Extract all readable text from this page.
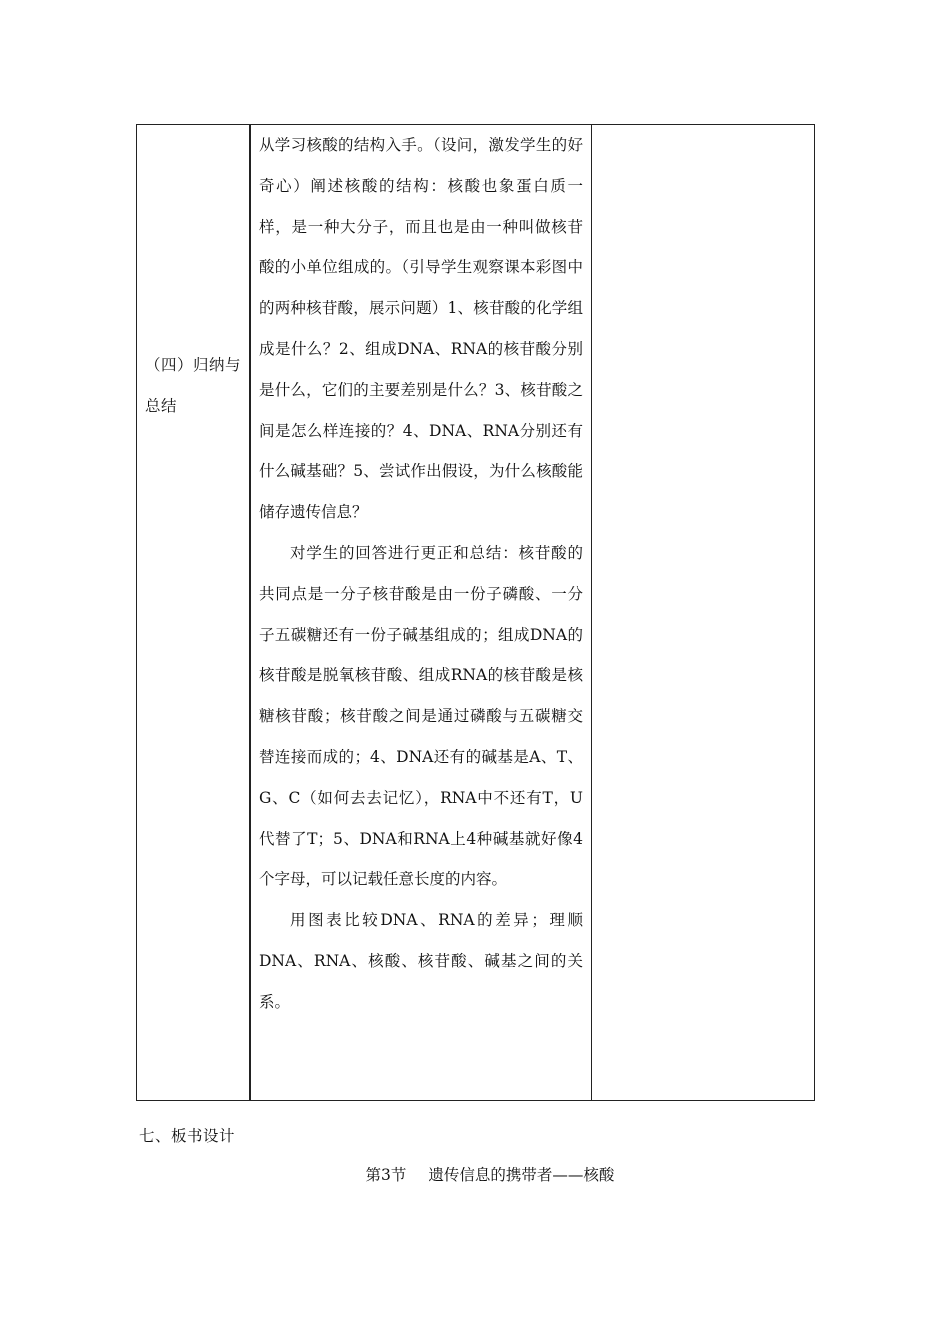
（四）归纳与总结

从学习核酸的结构入手。（设问，激发学生的好奇心）阐述核酸的结构：核酸也象蛋白质一样，是一种大分子，而且也是由一种叫做核苷酸的小单位组成的。（引导学生观察课本彩图中的两种核苷酸，展示问题）1、核苷酸的化学组成是什么？2、组成DNA、RNA的核苷酸分别是什么，它们的主要差别是什么？3、核苷酸之间是怎么样连接的？4、DNA、RNA分别还有什么碱基础？5、尝试作出假设，为什么核酸能储存遗传信息？

对学生的回答进行更正和总结：核苷酸的共同点是一分子核苷酸是由一份子磷酸、一分子五碳糖还有一份子碱基组成的；组成DNA的核苷酸是脱氧核苷酸、组成RNA的核苷酸是核糖核苷酸；核苷酸之间是通过磷酸与五碳糖交替连接而成的；4、DNA还有的碱基是A、T、G、C（如何去去记忆），RNA中不还有T，U代替了T；5、DNA和RNA上4种碱基就好像4个字母，可以记载任意长度的内容。

用图表比较DNA、RNA的差异；理顺DNA、RNA、核酸、核苷酸、碱基之间的关系。

七、板书设计
第3节 遗传信息的携带者——核酸
